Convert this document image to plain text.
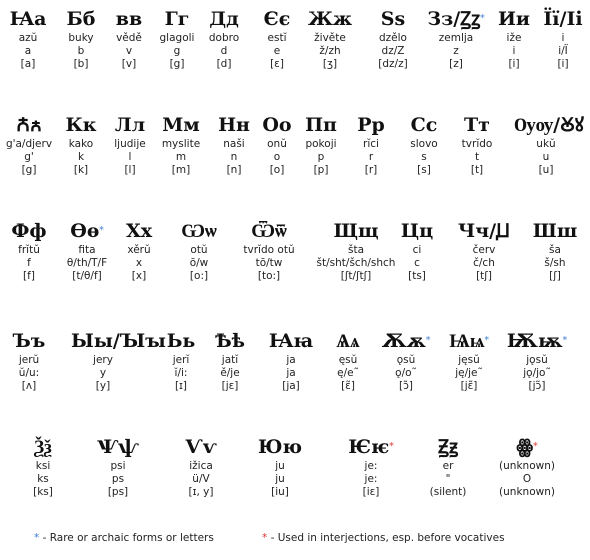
Ꙗа
azŭ
a
[a]
Бб
buky
b
[b]
вв
vědě
v
[v]
Гг
glagoli
g
[g]
Дд
dobro
d
[d]
Єє
estĭ
e
[ɛ]
Жж
živěte
ž/zh
[ʒ]
Ѕѕ
dzělo
dz/Z
[dz/z]
Зз/Ꙁꙁ*
zemlja
z
[z]
Ии
iže
i
[i]
Її/Іі
i
i/Ï
[i]
Ꙉꙉ
g'a/djerv
g'
[g]
Кк
kako
k
[k]
Лл
ljudije
l
[l]
Мм
myslite
m
[m]
Нн
naši
n
[n]
Оо
onŭ
o
[o]
Пп
pokoji
p
[p]
Рр
rĭci
r
[r]
Сс
slovo
s
[s]
Тт
tvrĭdo
t
[t]
Ѹѹ/Ꙋꙋ
ukŭ
u
[u]
Фф
frĭtŭ
f
[f]
Ѳѳ*
fita
θ/th/T/F
[t/θ/f]
Хх
xěrŭ
x
[x]
Ѡѡ
otŭ
ō/w
[o:]
Ѿѿ
tvrĭdo otŭ
tō/tw
[to:]
Щщ
šta
št/sht/šch/shch
[ʃt/ʃtʃ]
Цц
ci
c
[ts]
Чч/Ꙡ
červ
č/ch
[tʃ]
Шш
ša
š/sh
[ʃ]
Ъъ
jerŭ
ŭ/u:
[ʌ]
Ыы/Ꙑꙑ
jery
y
[y]
Ьь
jerĭ
ĭ/i:
[ɪ]
Ѣѣ
jatĭ
ě/je
[jɛ]
Ꙗꙗ
ja
ja
[ja]
Ѧѧ
ęsŭ
ę/e˜
[ɛ̃]
Ѫѫ*
ǫsŭ
ǫ/o˜
[ɔ̃]
Ѩѩ*
jęsŭ
ję/je˜
[jɛ̃]
Ѭѭ*
jǫsŭ
jǫ/jo˜
[jɔ̃]
Ѯѯ
ksi
ks
[ks]
Ѱѱ
psi
ps
[ps]
Ѵѵ
ižica
ü/V
[ɪ, y]
Юю
ju
ju
[iu]
Ѥѥ*
je:
je:
[iɛ]
Ꙃꙃ
er
"
(silent)
ꙮ*
(unknown)
O
(unknown)
* - Rare or archaic forms or letters	* - Used in interjections, esp. before vocatives
